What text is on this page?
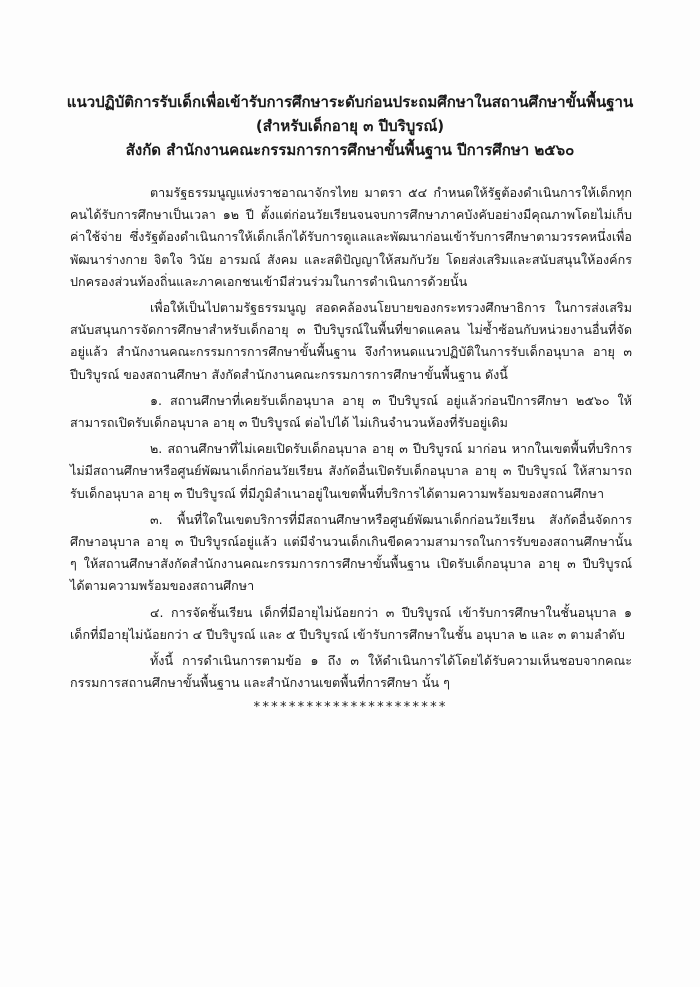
แนวปฏิบัติการรับเด็กเพื่อเข้ารับการศึกษาระดับก่อนประถมศึกษาในสถานศึกษาขั้นพื้นฐาน
(สำหรับเด็กอายุ ๓ ปีบริบูรณ์)
สังกัด สำนักงานคณะกรรมการการศึกษาขั้นพื้นฐาน ปีการศึกษา ๒๕๖๐

ตามรัฐธรรมนูญแห่งราชอาณาจักรไทย มาตรา ๕๔ กำหนดให้รัฐต้องดำเนินการให้เด็กทุกคนได้รับการศึกษาเป็นเวลา ๑๒ ปี ตั้งแต่ก่อนวัยเรียนจนจบการศึกษาภาคบังคับอย่างมีคุณภาพโดยไม่เก็บค่าใช้จ่าย ซึ่งรัฐต้องดำเนินการให้เด็กเล็กได้รับการดูแลและพัฒนาก่อนเข้ารับการศึกษาตามวรรคหนึ่งเพื่อพัฒนาร่างกาย จิตใจ วินัย อารมณ์ สังคม และสติปัญญาให้สมกับวัย โดยส่งเสริมและสนับสนุนให้องค์กรปกครองส่วนท้องถิ่นและภาคเอกชนเข้ามีส่วนร่วมในการดำเนินการด้วยนั้น

เพื่อให้เป็นไปตามรัฐธรรมนูญ สอดคล้องนโยบายของกระทรวงศึกษาธิการ ในการส่งเสริมสนับสนุนการจัดการศึกษาสำหรับเด็กอายุ ๓ ปีบริบูรณ์ในพื้นที่ขาดแคลน ไม่ซ้ำซ้อนกับหน่วยงานอื่นที่จัดอยู่แล้ว สำนักงานคณะกรรมการการศึกษาขั้นพื้นฐาน จึงกำหนดแนวปฏิบัติในการรับเด็กอนุบาล อายุ ๓ ปีบริบูรณ์ ของสถานศึกษา สังกัดสำนักงานคณะกรรมการการศึกษาขั้นพื้นฐาน ดังนี้

๑. สถานศึกษาที่เคยรับเด็กอนุบาล อายุ ๓ ปีบริบูรณ์ อยู่แล้วก่อนปีการศึกษา ๒๕๖๐ ให้สามารถเปิดรับเด็กอนุบาล อายุ ๓ ปีบริบูรณ์ ต่อไปได้ ไม่เกินจำนวนห้องที่รับอยู่เดิม

๒. สถานศึกษาที่ไม่เคยเปิดรับเด็กอนุบาล อายุ ๓ ปีบริบูรณ์ มาก่อน หากในเขตพื้นที่บริการไม่มีสถานศึกษาหรือศูนย์พัฒนาเด็กก่อนวัยเรียน สังกัดอื่นเปิดรับเด็กอนุบาล อายุ ๓ ปีบริบูรณ์ ให้สามารถรับเด็กอนุบาล อายุ ๓ ปีบริบูรณ์ ที่มีภูมิลำเนาอยู่ในเขตพื้นที่บริการได้ตามความพร้อมของสถานศึกษา

๓. พื้นที่ใดในเขตบริการที่มีสถานศึกษาหรือศูนย์พัฒนาเด็กก่อนวัยเรียน สังกัดอื่นจัดการศึกษาอนุบาล อายุ ๓ ปีบริบูรณ์อยู่แล้ว แต่มีจำนวนเด็กเกินขีดความสามารถในการรับของสถานศึกษานั้น ๆ ให้สถานศึกษาสังกัดสำนักงานคณะกรรมการการศึกษาขั้นพื้นฐาน เปิดรับเด็กอนุบาล อายุ ๓ ปีบริบูรณ์ ได้ตามความพร้อมของสถานศึกษา

๔. การจัดชั้นเรียน เด็กที่มีอายุไม่น้อยกว่า ๓ ปีบริบูรณ์ เข้ารับการศึกษาในชั้นอนุบาล ๑ เด็กที่มีอายุไม่น้อยกว่า ๔ ปีบริบูรณ์ และ ๕ ปีบริบูรณ์ เข้ารับการศึกษาในชั้น อนุบาล ๒ และ ๓ ตามลำดับ

ทั้งนี้ การดำเนินการตามข้อ ๑ ถึง ๓ ให้ดำเนินการได้โดยได้รับความเห็นชอบจากคณะกรรมการสถานศึกษาขั้นพื้นฐาน และสำนักงานเขตพื้นที่การศึกษา นั้น ๆ

**********************
